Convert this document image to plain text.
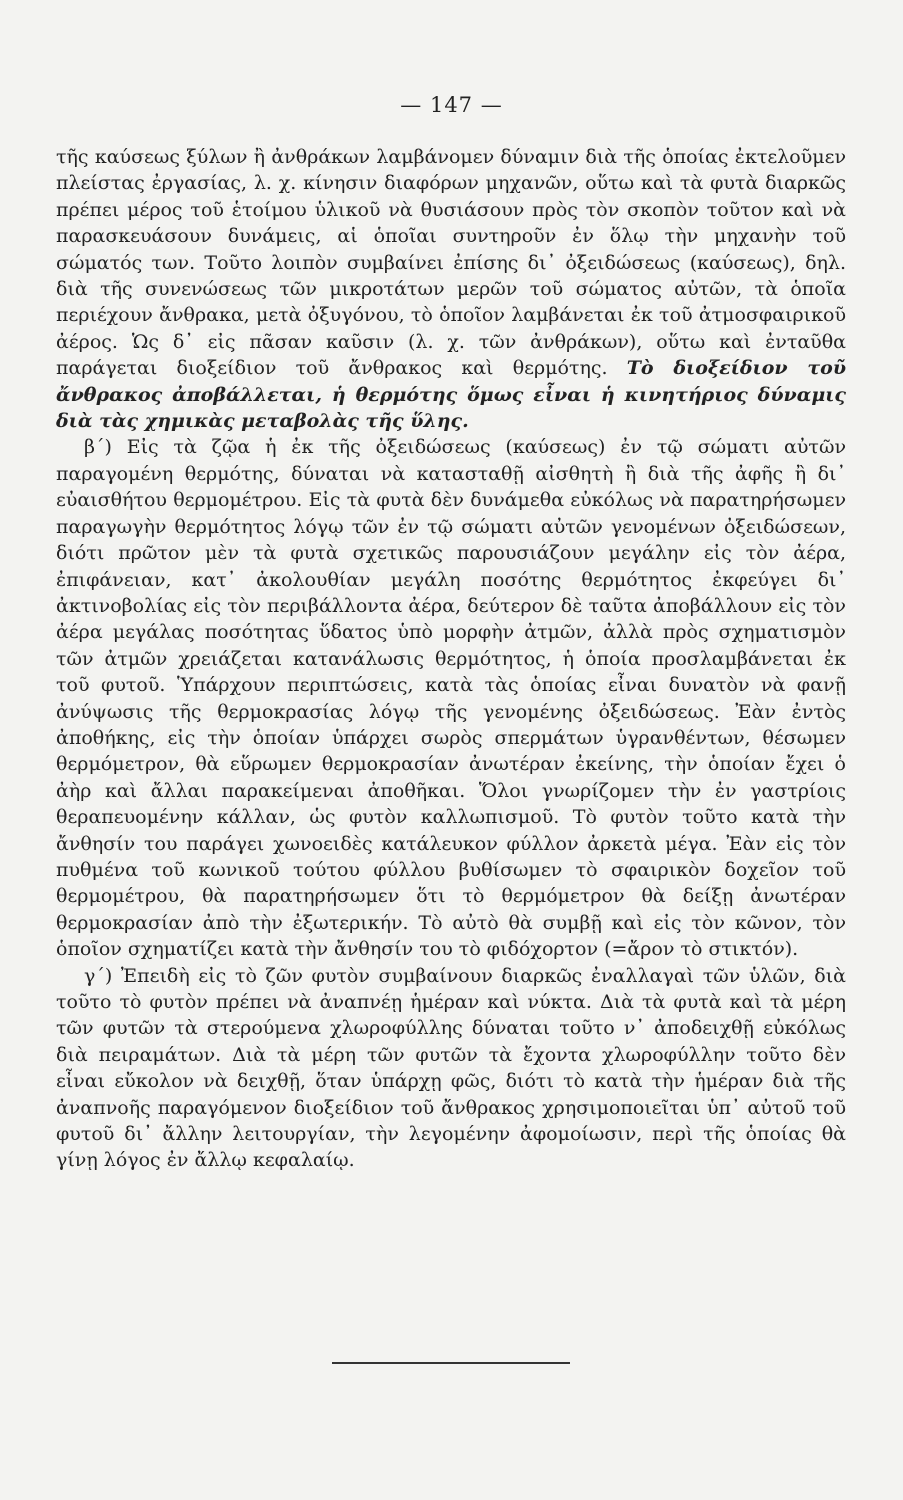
— 147 —

τῆς καύσεως ξύλων ἢ ἀνθράκων λαμβάνομεν δύναμιν διὰ τῆς ὁποίας ἐκτελοῦμεν πλείστας ἐργασίας, λ. χ. κίνησιν διαφόρων μηχανῶν, οὕτω καὶ τὰ φυτὰ διαρκῶς πρέπει μέρος τοῦ ἑτοίμου ὑλικοῦ νὰ θυσιάσουν πρὸς τὸν σκοπὸν τοῦτον καὶ νὰ παρασκευάσουν δυνάμεις, αἱ ὁποῖαι συντηροῦν ἐν ὅλῳ τὴν μηχανὴν τοῦ σώματός των. Τοῦτο λοιπὸν συμβαίνει ἐπίσης δι᾽ ὀξειδώσεως (καύσεως), δηλ. διὰ τῆς συνενώσεως τῶν μικροτάτων μερῶν τοῦ σώματος αὐτῶν, τὰ ὁποῖα περιέχουν ἄνθρακα, μετὰ ὀξυγόνου, τὸ ὁποῖον λαμβάνεται ἐκ τοῦ ἀτμοσφαιρικοῦ ἀέρος. Ὡς δ᾽ εἰς πᾶσαν καῦσιν (λ. χ. τῶν ἀνθράκων), οὕτω καὶ ἐνταῦθα παράγεται διοξείδιον τοῦ ἄνθρακος καὶ θερμότης. Τὸ διοξείδιον τοῦ ἄνθρακος ἀποβάλλεται, ἡ θερμότης ὅμως εἶναι ἡ κινητήριος δύναμις διὰ τὰς χημικὰς μεταβολὰς τῆς ὕλης.

β΄) Εἰς τὰ ζῷα ἡ ἐκ τῆς ὀξειδώσεως (καύσεως) ἐν τῷ σώματι αὐτῶν παραγομένη θερμότης, δύναται νὰ κατασταθῇ αἰσθητὴ ἢ διὰ τῆς ἀφῆς ἢ δι᾽ εὐαισθήτου θερμομέτρου. Εἰς τὰ φυτὰ δὲν δυνάμεθα εὐκόλως νὰ παρατηρήσωμεν παραγωγὴν θερμότητος λόγῳ τῶν ἐν τῷ σώματι αὐτῶν γενομένων ὀξειδώσεων, διότι πρῶτον μὲν τὰ φυτὰ σχετικῶς παρουσιάζουν μεγάλην εἰς τὸν ἀέρα, ἐπιφάνειαν, κατ᾽ ἀκολουθίαν μεγάλη ποσότης θερμότητος ἐκφεύγει δι᾽ ἀκτινοβολίας εἰς τὸν περιβάλλοντα ἀέρα, δεύτερον δὲ ταῦτα ἀποβάλλουν εἰς τὸν ἀέρα μεγάλας ποσότητας ὕδατος ὑπὸ μορφὴν ἀτμῶν, ἀλλὰ πρὸς σχηματισμὸν τῶν ἀτμῶν χρειάζεται κατανάλωσις θερμότητος, ἡ ὁποία προσλαμβάνεται ἐκ τοῦ φυτοῦ. Ὑπάρχουν περιπτώσεις, κατὰ τὰς ὁποίας εἶναι δυνατὸν νὰ φανῇ ἀνύψωσις τῆς θερμοκρασίας λόγῳ τῆς γενομένης ὀξειδώσεως. Ἐὰν ἐντὸς ἀποθήκης, εἰς τὴν ὁποίαν ὑπάρχει σωρὸς σπερμάτων ὑγρανθέντων, θέσωμεν θερμόμετρον, θὰ εὕρωμεν θερμοκρασίαν ἀνωτέραν ἐκείνης, τὴν ὁποίαν ἔχει ὁ ἀὴρ καὶ ἄλλαι παρακείμεναι ἀποθῆκαι. Ὅλοι γνωρίζομεν τὴν ἐν γαστρίοις θεραπευομένην κάλλαν, ὡς φυτὸν καλλωπισμοῦ. Τὸ φυτὸν τοῦτο κατὰ τὴν ἄνθησίν του παράγει χωνοειδὲς κατάλευκον φύλλον ἀρκετὰ μέγα. Ἐὰν εἰς τὸν πυθμένα τοῦ κωνικοῦ τούτου φύλλου βυθίσωμεν τὸ σφαιρικὸν δοχεῖον τοῦ θερμομέτρου, θὰ παρατηρήσωμεν ὅτι τὸ θερμόμετρον θὰ δείξῃ ἀνωτέραν θερμοκρασίαν ἀπὸ τὴν ἐξωτερικήν. Τὸ αὐτὸ θὰ συμβῇ καὶ εἰς τὸν κῶνον, τὸν ὁποῖον σχηματίζει κατὰ τὴν ἄνθησίν του τὸ φιδόχορτον (=ἄρον τὸ στικτόν).

γ΄) Ἐπειδὴ εἰς τὸ ζῶν φυτὸν συμβαίνουν διαρκῶς ἐναλλαγαὶ τῶν ὑλῶν, διὰ τοῦτο τὸ φυτὸν πρέπει νὰ ἀναπνέῃ ἡμέραν καὶ νύκτα. Διὰ τὰ φυτὰ καὶ τὰ μέρη τῶν φυτῶν τὰ στερούμενα χλωροφύλλης δύναται τοῦτο ν᾽ ἀποδειχθῇ εὐκόλως διὰ πειραμάτων. Διὰ τὰ μέρη τῶν φυτῶν τὰ ἔχοντα χλωροφύλλην τοῦτο δὲν εἶναι εὔκολον νὰ δειχθῇ, ὅταν ὑπάρχῃ φῶς, διότι τὸ κατὰ τὴν ἡμέραν διὰ τῆς ἀναπνοῆς παραγόμενον διοξείδιον τοῦ ἄνθρακος χρησιμοποιεῖται ὑπ᾽ αὐτοῦ τοῦ φυτοῦ δι᾽ ἄλλην λειτουργίαν, τὴν λεγομένην ἀφομοίωσιν, περὶ τῆς ὁποίας θὰ γίνῃ λόγος ἐν ἄλλῳ κεφαλαίῳ.
